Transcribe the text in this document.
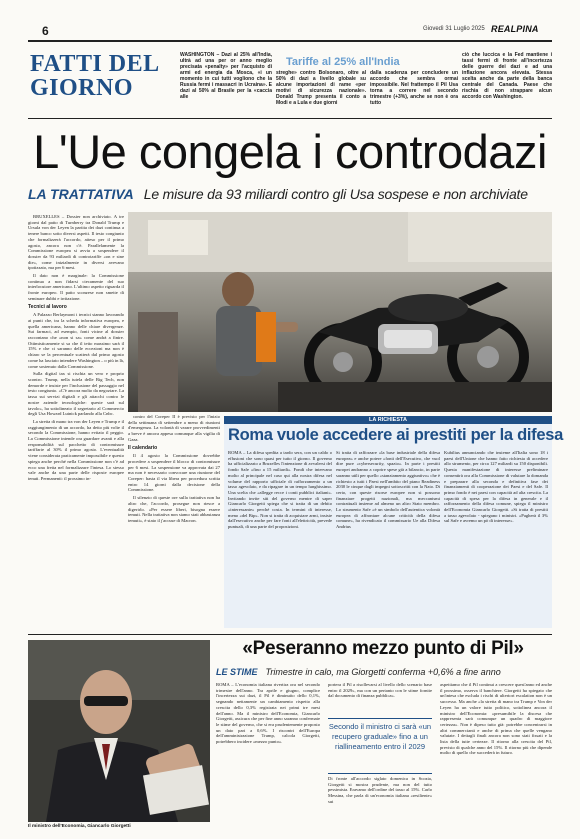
6	Giovedì 31 Luglio 2025 REALPINA
FATTI DEL
GIORNO
WASHINGTON – Dazi al 25% all'India, ultrà ad una per or anno meglio precisata «penalty» per l'acquisto di armi ed energia da Mosca, «i un momento in cui tutti vogliono che la Russia fermi i massacri in Ucraina». E dazi al 50% al Brasile per la «caccia alle
Tariffe al 25% all'India
streghe» contro Bolsonaro, oltre al 50% di dazi a livello globale su alcune importazioni di rame «per motivi di sicurezza nazionale». Donald Trump presenta il conto a Modi e a Lula e due giorni
dalla scadenza per concludere un accordo che sembra ormai impossibile. Nel frattempo il Pil Usa torna a correre nel secondo trimestre (+3%), anche se non è ora tutto
ciò che luccica e la Fed mantiene i tassi fermi di fronte all'incertezza delle guerre dei dazi e ad una inflazione ancora elevata. Stessa scelta anche da parte della banca centrale del Canada. Paese che rischia di non strappare alcun accordo con Washington.
L'Ue congela i controdazi
LA TRATTATIVA Le misure da 93 miliardi contro gli Usa sospese e non archiviate

BRUXELLES – Dossier non archiviato. A tre giorni dal patto di Turnberry tra Donald Trump e Ursula von der Leyen la partita dei dazi continua a tenere banco sotto diversi aspetti. Il testo congiunto che formalizzerà l'accordo, atteso per il primo agosto, ancora non c'è. Parallelamente la Commissione europea si avvia a sospendere il dossier da 93 miliardi di controtariffe «on e sine die», come inizialmente in diversi avevano ipotizzato, ma per 6 mesi.

Il dato non è marginale: la Commissione continua a non fidarsi ciecamente del suo interlocutore americano. L'ultimo aspetto riguarda il fronte europeo. Il patto sconzese non smette di seminare dubbi e irritazione.

Tecnici al lavoro

A Palazzo Berlaymont i tecnici stanno lavorando ai punti che, tra la scheda informativa europea, e quella americana, hanno delle chiare divergenze. Sui farmaci, ad esempio, fonti vicine al dossier raccontano che «non si sa» come andrà a finire. Ottimisticamente si sa che il tetto massimo sarà il 15% e che ci saranno delle eccezioni ma non è chiaro se la percentuale scatterà dal primo agosto come ha lasciato intendere Washington – o più in là, come sostenuto dalla Commissione.

Sulla digital tax si rischia un vero e proprio scontro. Trump, nella tutela delle Big Tech, non demorde e insiste per l'inclusione del passaggio nel testo congiunto. «C'è ancora molto da negoziare. La tassa sui servizi digitali e gli attacchi contro le nostre aziende tecnologiche: queste sarà sul tavolo», ha sottolineato il segretario al Commercio degli Usa Howard Lutnick parlando alla Cnbc.

La stretta di mano tra von der Leyen e Trump e il raggiungimento di un accordo, ha detto più volte il secondo la Commissione, hanno evitato il peggio. La Commissione intende ora guardare avanti e alla responsabilità sul pacchetto di contromisure tariffarie al 30% il primo agosto. L'eventualità viene considerata praticamente impossibile e questo spiega anche perché nella Commissione non c'è ad ecco una fretta nel formalizzare l'intesa. Lo stesso vale anche da una parte delle risposte europee tenuti. Permanenti: il prossimo in-

contro del Coreper II è previsto per l'inizio della settimana di settembre a meno di riunioni d'emergenza. La volontà di varare provvedimenti a breve è ancora appesa comunque alla vigilia di Gaza.

Il calendario

Il 4 agosto la Commissione dovrebbe procedere a sospendere il blocco di contromisure per 6 mesi. La sospensione va approvata dai 27 ma non è necessario convocare una riunione del Coreper: basta il via libera per procedura scritta entro 14 giorni dalla decisione della Commissione.

Il silenzio di queste ore sulla trattativa non ha altro che, l'accordo, prosegue non riesce a digerirlo. «Per essere liberi, bisogna essere temuti. Nella trattativa non siamo stati abbastanza temuti», è stato il j'accuse di Macron.

LA RICHIESTA
Roma vuole accedere ai prestiti per la difesa
ROMA – La difesa spedita a tardo sera, con un caldo o effusioni che sono quasi per tutto il giorno. Il governo ha ufficializzato a Bruxelles l'intenzione di avvalersi del fondo Safe «fino a 15 miliardi». Fondi che intervano molto al principale nel caso qui alla nostra difesa nel volume del rapporto ufficiale di rafforzamento a un tasso agevolato, e da ripagare in un tempo lunghissimo. Una scelta che «allegge recce i conti pubblici italiani». Invitando invite siti del governo mentre di saper Giancarlo Giorgetti spiega che si tratta di un debito «interessante» perché costa. In termini di interesse, meno «del Btp». Non si tratta di acquistare armi, insiste dall'esecutivo anche per fare fonti all'elettricità, prevede puntuali, di una parte del proposizioni.
Si tratta di rafforzare «la base industriale della difesa europea» e anche potere «fonti dell'Esecutivo, che vuol dire pure «cybersecurity, spazio». In parte i prestiti europei andranno a coprire spese già a bilancio, in parte saranno utili per quello «stanziamento aggiuntivo» che è richiesto a tutti i Paesi nell'ambito del piano Readiness 2030 le cinque dagli impegni sottoscritti con la Nato. Di certo, con queste risorse europee non si possono finanziare progetti nazionali, ma meccanismi contrattuali insieme ad almeno un altro Stato membro. Lo strumento Safe «è un simbolo dell'autentica volontà europea di affrontare alcune criticità della difesa comune», ha rivendicato il commissario Ue alla Difesa Andrius
Kubilius annunciando che insieme all'Italia sono 18 i paesi dell'Unione che hanno fatto richiesta di accedere allo strumento, per circa 127 miliardi su 150 disponibili. Questa manifestazione di interesse preliminare consentirà ora alla Commissione di valutare la domanda e preparare alla seconda e definitiva fase dei finanziamenti di cooperazione dei Paesi e del Safe. Il primo fondo è nei paesi con capacità ad alta crescita. La capacità di spesa per la difesa in generale e il rafforzamento della difesa comune, spiega il ministro dell'Economia Giancarlo Giorgetti. «Si tratta di prestiti a tasso agevolato - spiegano i ministri. «Pagherà il 3% sul Safe e avremo un pò di interesse».
Il ministro dell'Economia, Giancarlo Giorgetti
«Peseranno mezzo punto di Pil»
LE STIME Trimestre in calo, ma Giorgetti conferma +0,6% a fine anno
ROMA – L'economia italiana rivertira ora nel secondo trimestre dell'anno. Tra aprile e giugno, complice l'incertezza sui dazi, il Pil è diminuito dello 0,1%, segnando nettamente un cambiamento rispetto alla crescita dello 0,3% registrata nei primi tre mesi dell'anno. Ma il ministro dell'Economia, Giancarlo Giorgetti, assicura che per fine anno saranno confermate le stime del governo, che si era prudentemente proposto un dato pari a 0,6%. I riscontri dell'Europa dell'amministrazione Trump, calcola Giorgetti, potrebbero incidere «mezzo punto».
portera il Pil a risollevarsi al livello dello scenario base entro il 2029», ma con un pertanto con le stime fornite dal documento di finanza pubblica».
Secondo il ministro ci sarà «un recupero graduale» fino a un riallineamento entro il 2029
Di fronte all'accordo siglato domenica in Scozia, Giorgetti si mostra prudente, ma non del tutto pessimista. Eravamo dell'ordine del tasso al 15%. Carlo Messina, che parla di un'economia italiana «resiliente» sui
aspettiamo che il Pil continui a crescere quest'anno ed anche il prossimo, osserva il banchiere. Giorgetti ha spiegato che un'intesa che escluda i rischi di ulteriori escalation non è un successo. Ma anche «la stretta di mano tra Trump e Von der Leyen ha un valore tutto politico, sottolinea ancora il ministro dell'Economia: «presumibile la discesa che rappresenta sarà comunque un quadro di maggiore certezza». Non è dipeso tutto già: potrebbe concentrarsi in altri commercianti e anche di prima che quelle vengano valutate. I dettagli finali ancora non sono stati fissati e la lista della tutte certezze. Il ritorno alla crescita del Pil, previsto di qualche anno del 15%. Il ritorno più che dipende molto di quello che succederà in futuro.
